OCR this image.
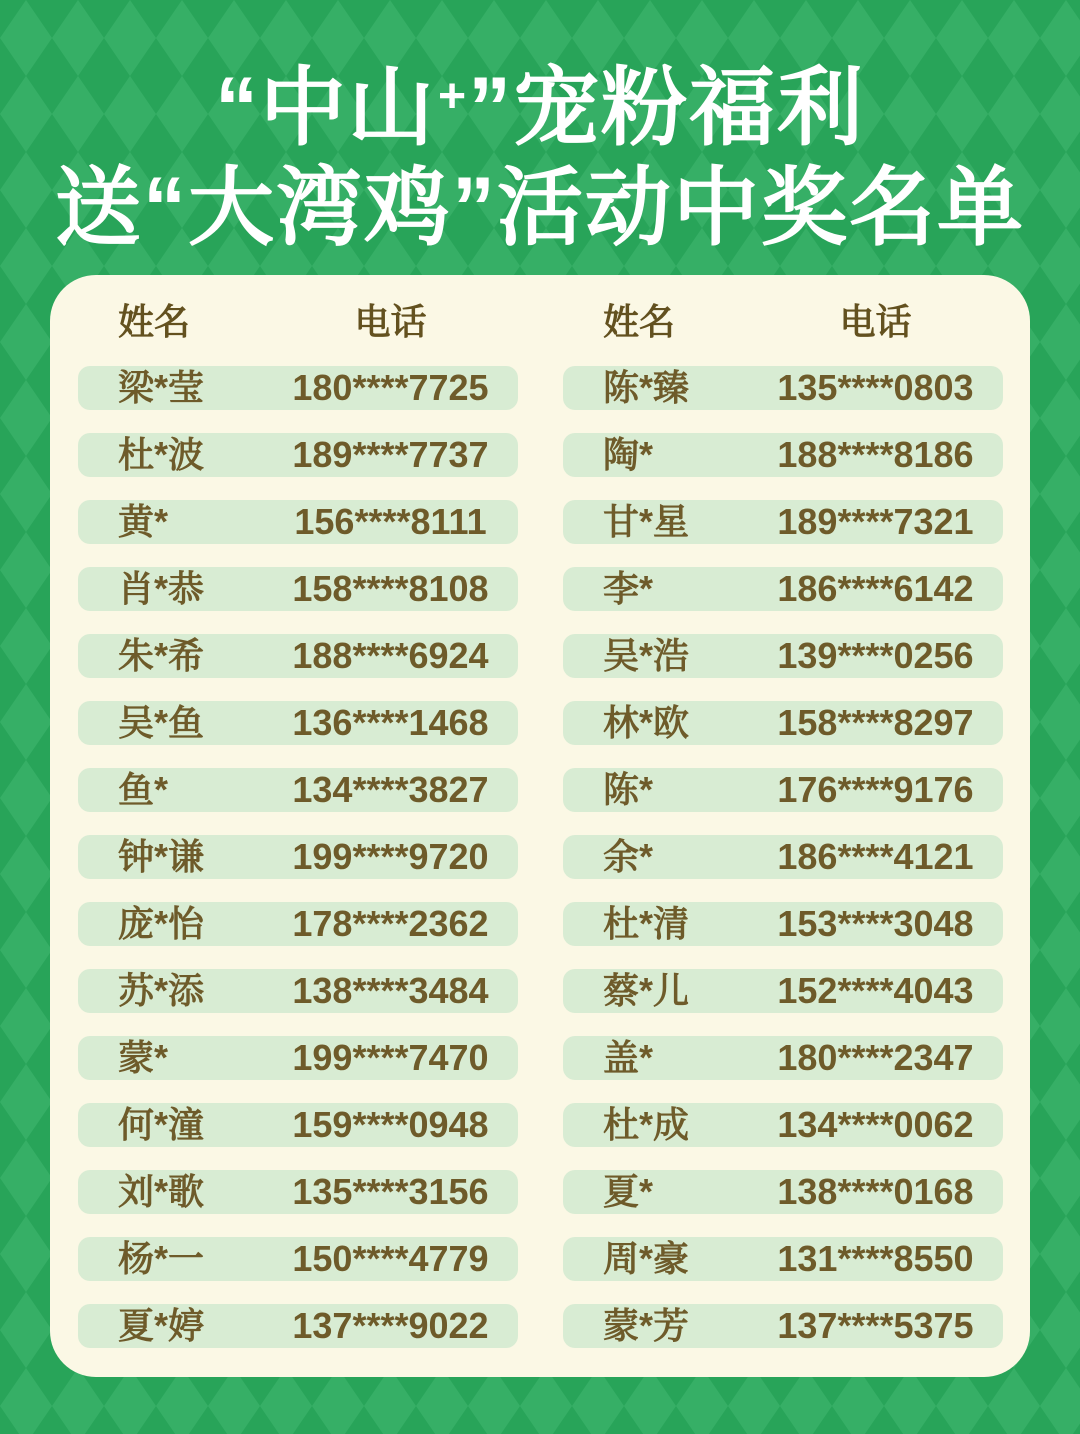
“中山+”宠粉福利
送“大湾鸡”活动中奖名单
姓名	电话
梁*莹	180****7725
杜*波	189****7737
黄*	156****8111
肖*恭	158****8108
朱*希	188****6924
吴*鱼	136****1468
鱼*	134****3827
钟*谦	199****9720
庞*怡	178****2362
苏*添	138****3484
蒙*	199****7470
何*潼	159****0948
刘*歌	135****3156
杨*一	150****4779
夏*婷	137****9022
姓名	电话
陈*臻	135****0803
陶*	188****8186
甘*星	189****7321
李*	186****6142
吴*浩	139****0256
林*欧	158****8297
陈*	176****9176
余*	186****4121
杜*清	153****3048
蔡*儿	152****4043
盖*	180****2347
杜*成	134****0062
夏*	138****0168
周*豪	131****8550
蒙*芳	137****5375
